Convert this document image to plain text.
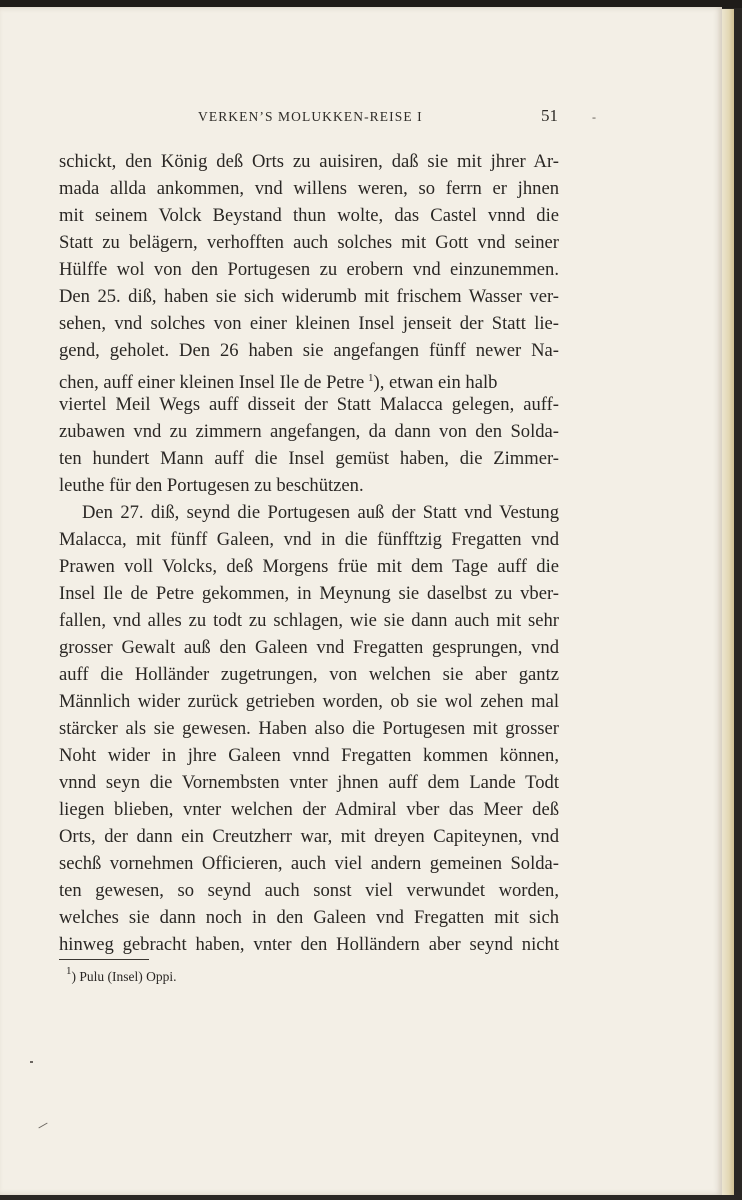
VERKEN’S MOLUKKEN-REISE I	51	-
schickt, den König deß Orts zu auisiren, daß sie mit jhrer Ar-
mada allda ankommen, vnd willens weren, so ferrn er jhnen
mit seinem Volck Beystand thun wolte, das Castel vnnd die
Statt zu belägern, verhofften auch solches mit Gott vnd seiner
Hülffe wol von den Portugesen zu erobern vnd einzunemmen.
Den 25. diß, haben sie sich widerumb mit frischem Wasser ver-
sehen, vnd solches von einer kleinen Insel jenseit der Statt lie-
gend, geholet. Den 26 haben sie angefangen fünff newer Na-
chen, auff einer kleinen Insel Ile de Petre  $^1$), etwan ein halb
viertel Meil Wegs auff disseit der Statt Malacca gelegen, auff-
zubawen vnd zu zimmern angefangen, da dann von den Solda-
ten hundert Mann auff die Insel gemüst haben, die Zimmer-
leuthe für den Portugesen zu beschützen.
Den 27. diß, seynd die Portugesen auß der Statt vnd Vestung
Malacca, mit fünff Galeen, vnd in die fünfftzig Fregatten vnd
Prawen voll Volcks, deß Morgens früe mit dem Tage auff die
Insel Ile de Petre gekommen, in Meynung sie daselbst zu vber-
fallen, vnd alles zu todt zu schlagen, wie sie dann auch mit sehr
grosser Gewalt auß den Galeen vnd Fregatten gesprungen, vnd
auff die Holländer zugetrungen, von welchen sie aber gantz
Männlich wider zurück getrieben worden, ob sie wol zehen mal
stärcker als sie gewesen. Haben also die Portugesen mit grosser
Noht wider in jhre Galeen vnnd Fregatten kommen können,
vnnd seyn die Vornembsten vnter jhnen auff dem Lande Todt
liegen blieben, vnter welchen der Admiral vber das Meer deß
Orts, der dann ein Creutzherr war, mit dreyen Capiteynen, vnd
sechß vornehmen Officieren, auch viel andern gemeinen Solda-
ten gewesen, so seynd auch sonst viel verwundet worden,
welches sie dann noch in den Galeen vnd Fregatten mit sich
hinweg gebracht haben, vnter den Holländern aber seynd nicht
$^1$) Pulu (Insel) Oppi.
